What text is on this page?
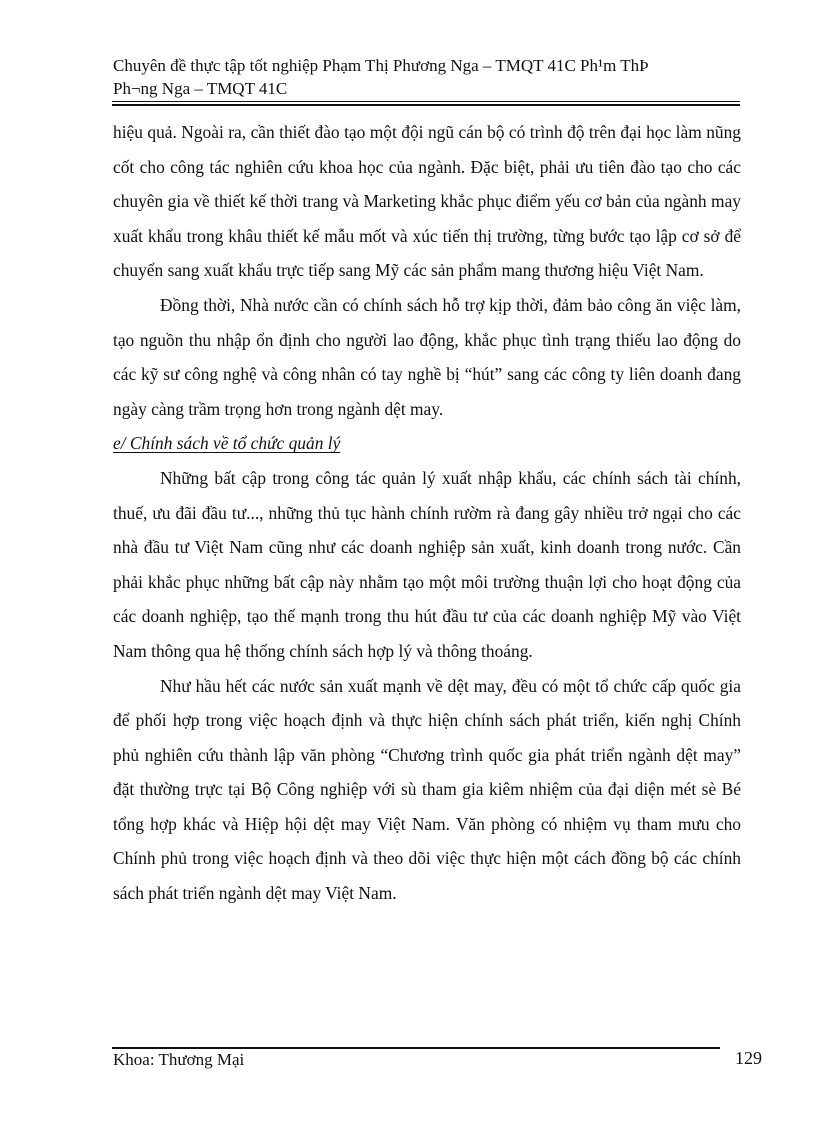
Chuyên đề thực tập tốt nghiệp Phạm Thị Phương Nga – TMQT 41C Ph¹m ThÞ
Ph¬ng Nga – TMQT 41C

hiệu quả. Ngoài ra, cần thiết đào tạo một đội ngũ cán bộ có trình độ trên đại học làm nũng cốt cho công tác nghiên cứu khoa học của ngành. Đặc biệt, phải ưu tiên đào tạo cho các chuyên gia về thiết kế thời trang và Marketing khắc phục điểm yếu cơ bản của ngành may xuất khẩu trong khâu thiết kế mẫu mốt và xúc tiến thị trường, từng bước tạo lập cơ sở để chuyển sang xuất khẩu trực tiếp sang Mỹ các sản phẩm mang thương hiệu Việt Nam.

Đồng thời, Nhà nước cần có chính sách hỗ trợ kịp thời, đảm bảo công ăn việc làm, tạo nguồn thu nhập ổn định cho người lao động, khắc phục tình trạng thiếu lao động do các kỹ sư công nghệ và công nhân có tay nghề bị “hút” sang các công ty liên doanh đang ngày càng trầm trọng hơn trong ngành dệt may.

e/ Chính sách về tổ chức quản lý

Những bất cập trong công tác quản lý xuất nhập khẩu, các chính sách tài chính, thuế, ưu đãi đầu tư..., những thủ tục hành chính rườm rà đang gây nhiều trở ngại cho các nhà đầu tư Việt Nam cũng như các doanh nghiệp sản xuất, kinh doanh trong nước. Cần phải khắc phục những bất cập này nhằm tạo một môi trường thuận lợi cho hoạt động của các doanh nghiệp, tạo thế mạnh trong thu hút đầu tư của các doanh nghiệp Mỹ vào Việt Nam thông qua hệ thống chính sách hợp lý và thông thoáng.

Như hầu hết các nước sản xuất mạnh về dệt may, đều có một tổ chức cấp quốc gia để phối hợp trong việc hoạch định và thực hiện chính sách phát triển, kiến nghị Chính phủ nghiên cứu thành lập văn phòng “Chương trình quốc gia phát triển ngành dệt may” đặt thường trực tại Bộ Công nghiệp với sù tham gia kiêm nhiệm của đại diện mét sè Bé tổng hợp khác và Hiệp hội dệt may Việt Nam. Văn phòng có nhiệm vụ tham mưu cho Chính phủ trong việc hoạch định và theo dõi việc thực hiện một cách đồng bộ các chính sách phát triển ngành dệt may Việt Nam.

Khoa: Thương Mại	129
